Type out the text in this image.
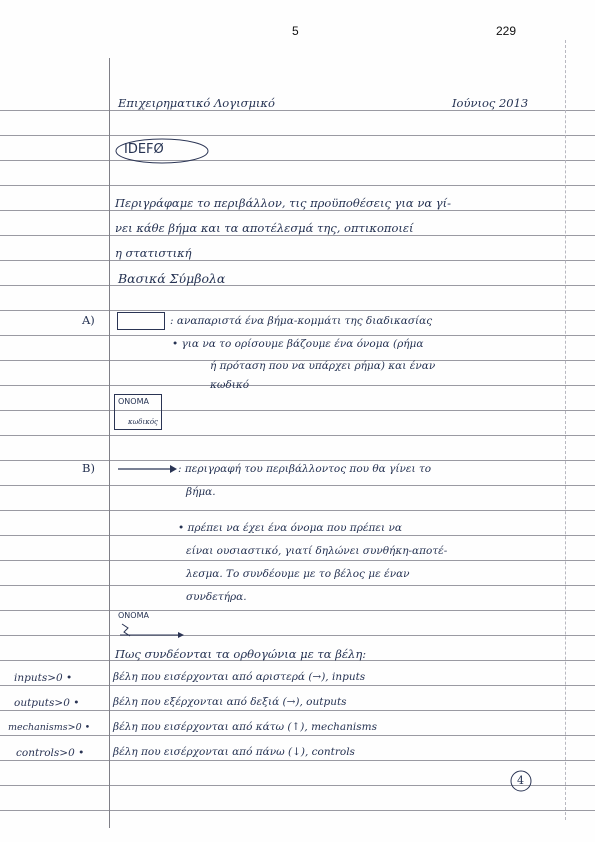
5	229
Επιχειρηματικό Λογισμικό	Ιούνιος 2013
IDEFØ
Περιγράφαμε το περιβάλλον, τις προϋποθέσεις για να γί-
νει κάθε βήμα και τα αποτέλεσμά της, οπτικοποιεί
η στατιστική
Βασικά Σύμβολα
A)	: αναπαριστά ένα βήμα-κομμάτι της διαδικασίας
• για να το ορίσουμε βάζουμε ένα όνομα (ρήμα
ή πρόταση που να υπάρχει ρήμα) και έναν
κωδικό
ONOMA
κωδικός
B)	: περιγραφή του περιβάλλοντος που θα γίνει το
βήμα.
• πρέπει να έχει ένα όνομα που πρέπει να
είναι ουσιαστικό, γιατί δηλώνει συνθήκη-αποτέ-
λεσμα. Το συνδέουμε με το βέλος με έναν
συνδετήρα.
ONOMA
Πως συνδέονται τα ορθογώνια με τα βέλη:
inputs>0 •	βέλη που εισέρχονται από αριστερά (→), inputs
outputs>0 •	βέλη που εξέρχονται από δεξιά (→), outputs
mechanisms>0 • βέλη που εισέρχονται από κάτω (↑), mechanisms
controls>0 •	βέλη που εισέρχονται από πάνω (↓), controls
4
